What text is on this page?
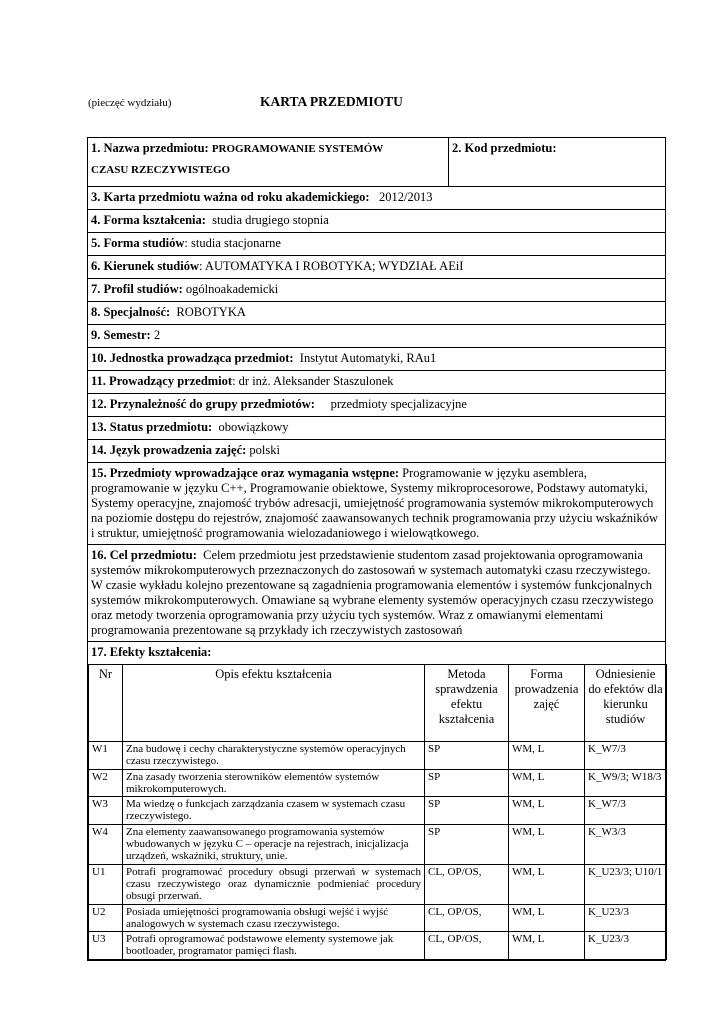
(pieczęć wydziału)	KARTA PRZEDMIOTU
1. Nazwa przedmiotu: PROGRAMOWANIE SYSTEMÓW
CZASU RZECZYWISTEGO	2. Kod przedmiotu:
3. Karta przedmiotu ważna od roku akademickiego: 2012/2013
4. Forma kształcenia: studia drugiego stopnia
5. Forma studiów: studia stacjonarne
6. Kierunek studiów: AUTOMATYKA I ROBOTYKA; WYDZIAŁ AEiI
7. Profil studiów: ogólnoakademicki
8. Specjalność: ROBOTYKA
9. Semestr: 2
10. Jednostka prowadząca przedmiot: Instytut Automatyki, RAu1
11. Prowadzący przedmiot: dr inż. Aleksander Staszulonek
12. Przynależność do grupy przedmiotów: przedmioty specjalizacyjne
13. Status przedmiotu: obowiązkowy
14. Język prowadzenia zajęć: polski
15. Przedmioty wprowadzające oraz wymagania wstępne: Programowanie w języku asemblera, programowanie w języku C++, Programowanie obiektowe, Systemy mikroprocesorowe, Podstawy automatyki, Systemy operacyjne, znajomość trybów adresacji, umiejętność programowania systemów mikrokomputerowych na poziomie dostępu do rejestrów, znajomość zaawansowanych technik programowania przy użyciu wskaźników i struktur, umiejętność programowania wielozadaniowego i wielowątkowego.
16. Cel przedmiotu: Celem przedmiotu jest przedstawienie studentom zasad projektowania oprogramowania systemów mikrokomputerowych przeznaczonych do zastosowań w systemach automatyki czasu rzeczywistego. W czasie wykładu kolejno prezentowane są zagadnienia programowania elementów i systemów funkcjonalnych systemów mikrokomputerowych. Omawiane są wybrane elementy systemów operacyjnych czasu rzeczywistego oraz metody tworzenia oprogramowania przy użyciu tych systemów. Wraz z omawianymi elementami programowania prezentowane są przykłady ich rzeczywistych zastosowań
17. Efekty kształcenia:

Nr	Opis efektu kształcenia	Metoda sprawdzenia efektu kształcenia	Forma prowadzenia zajęć	Odniesienie do efektów dla kierunku studiów
W1	Zna budowę i cechy charakterystyczne systemów operacyjnych czasu rzeczywistego.	SP	WM, L	K_W7/3
W2	Zna zasady tworzenia sterowników elementów systemów mikrokomputerowych.	SP	WM, L	K_W9/3; W18/3
W3	Ma wiedzę o funkcjach zarządzania czasem w systemach czasu rzeczywistego.	SP	WM, L	K_W7/3
W4	Zna elementy zaawansowanego programowania systemów wbudowanych w języku C – operacje na rejestrach, inicjalizacja urządzeń, wskaźniki, struktury, unie.	SP	WM, L	K_W3/3
U1	Potrafi programować procedury obsugi przerwań w systemach czasu rzeczywistego oraz dynamicznie podmieniać procedury obsugi przerwań.	CL, OP/OS,	WM, L	K_U23/3; U10/1
U2	Posiada umiejętności programowania obsługi wejść i wyjść analogowych w systemach czasu rzeczywistego.	CL, OP/OS,	WM, L	K_U23/3
U3	Potrafi oprogramować podstawowe elementy systemowe jak bootloader, programator pamięci flash.	CL, OP/OS,	WM, L	K_U23/3
